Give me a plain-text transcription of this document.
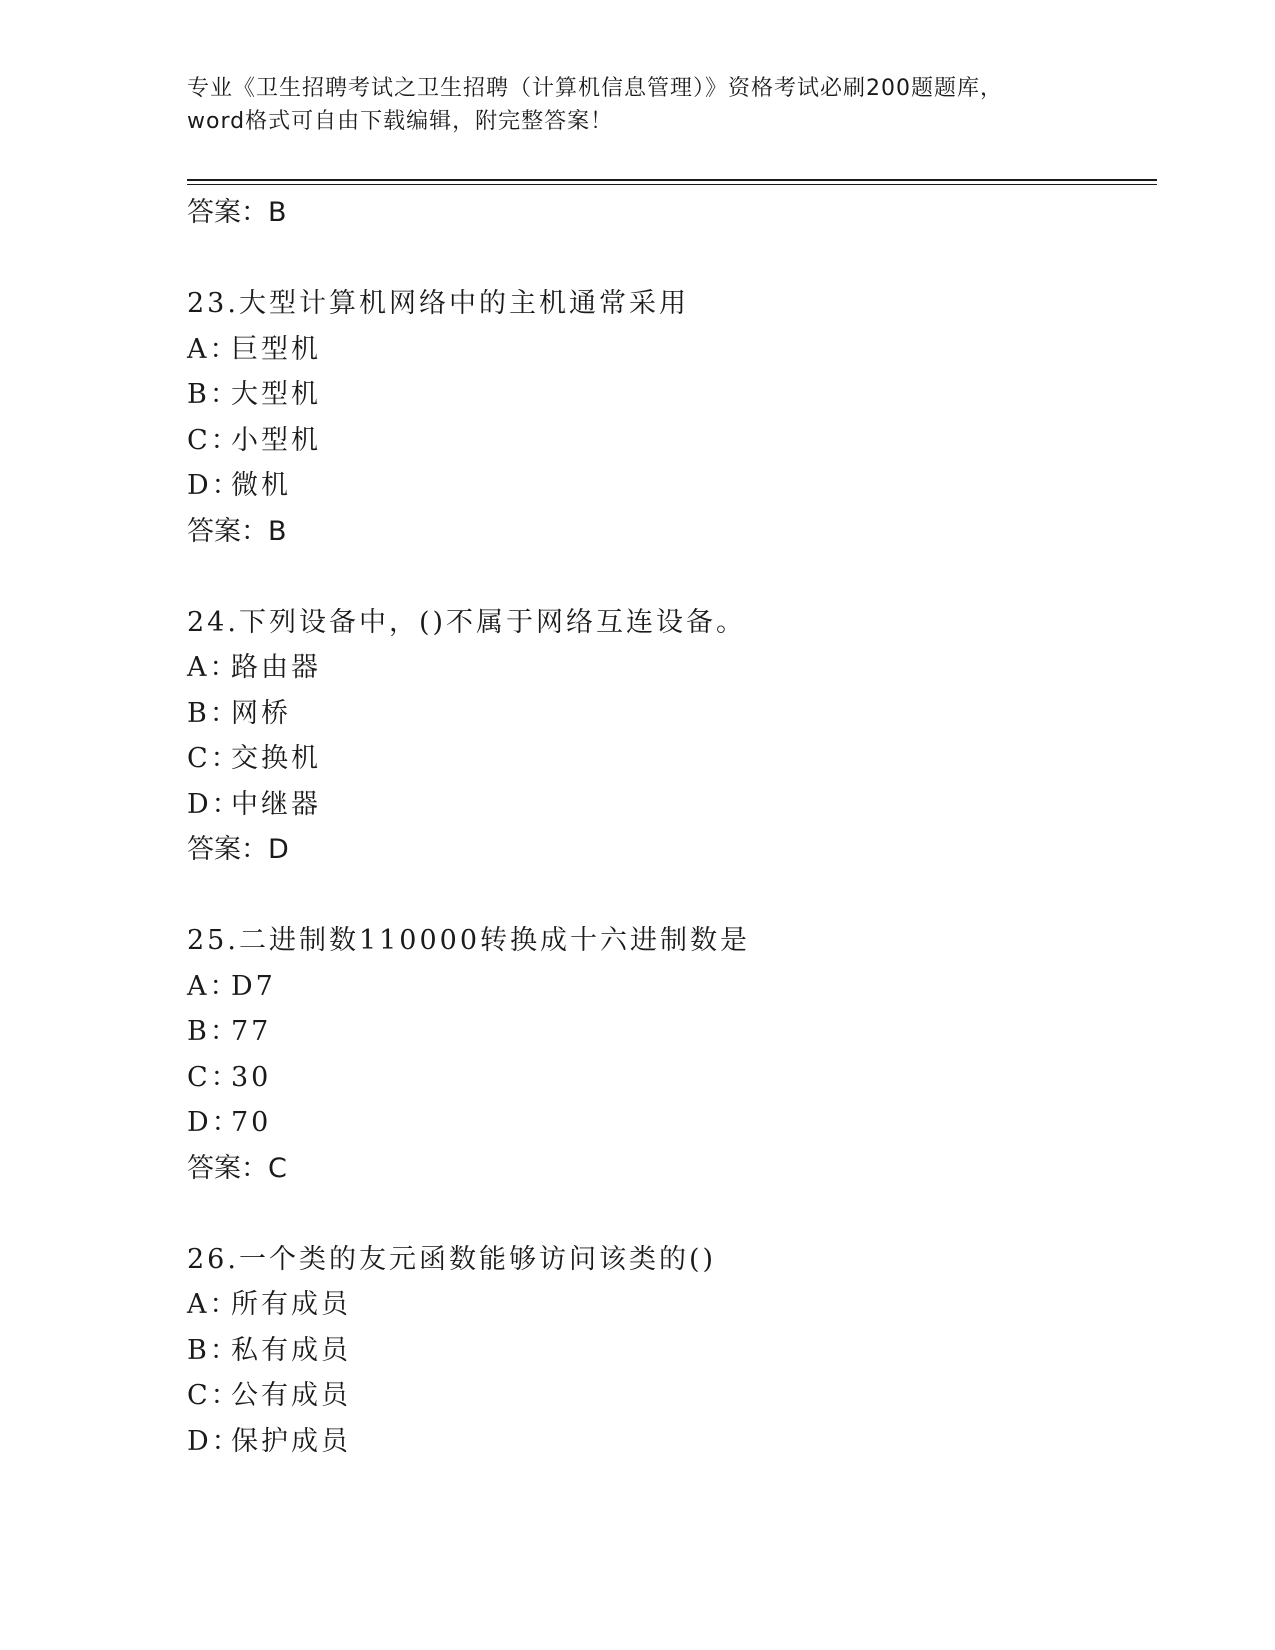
专业《卫生招聘考试之卫生招聘（计算机信息管理）》资格考试必刷200题题库，
word格式可自由下载编辑，附完整答案！
答案：B
23.大型计算机网络中的主机通常采用
A：巨型机
B：大型机
C：小型机
D：微机
答案：B
24.下列设备中，()不属于网络互连设备。
A：路由器
B：网桥
C：交换机
D：中继器
答案：D
25.二进制数110000转换成十六进制数是
A：D7
B：77
C：30
D：70
答案：C
26.一个类的友元函数能够访问该类的()
A：所有成员
B：私有成员
C：公有成员
D：保护成员
